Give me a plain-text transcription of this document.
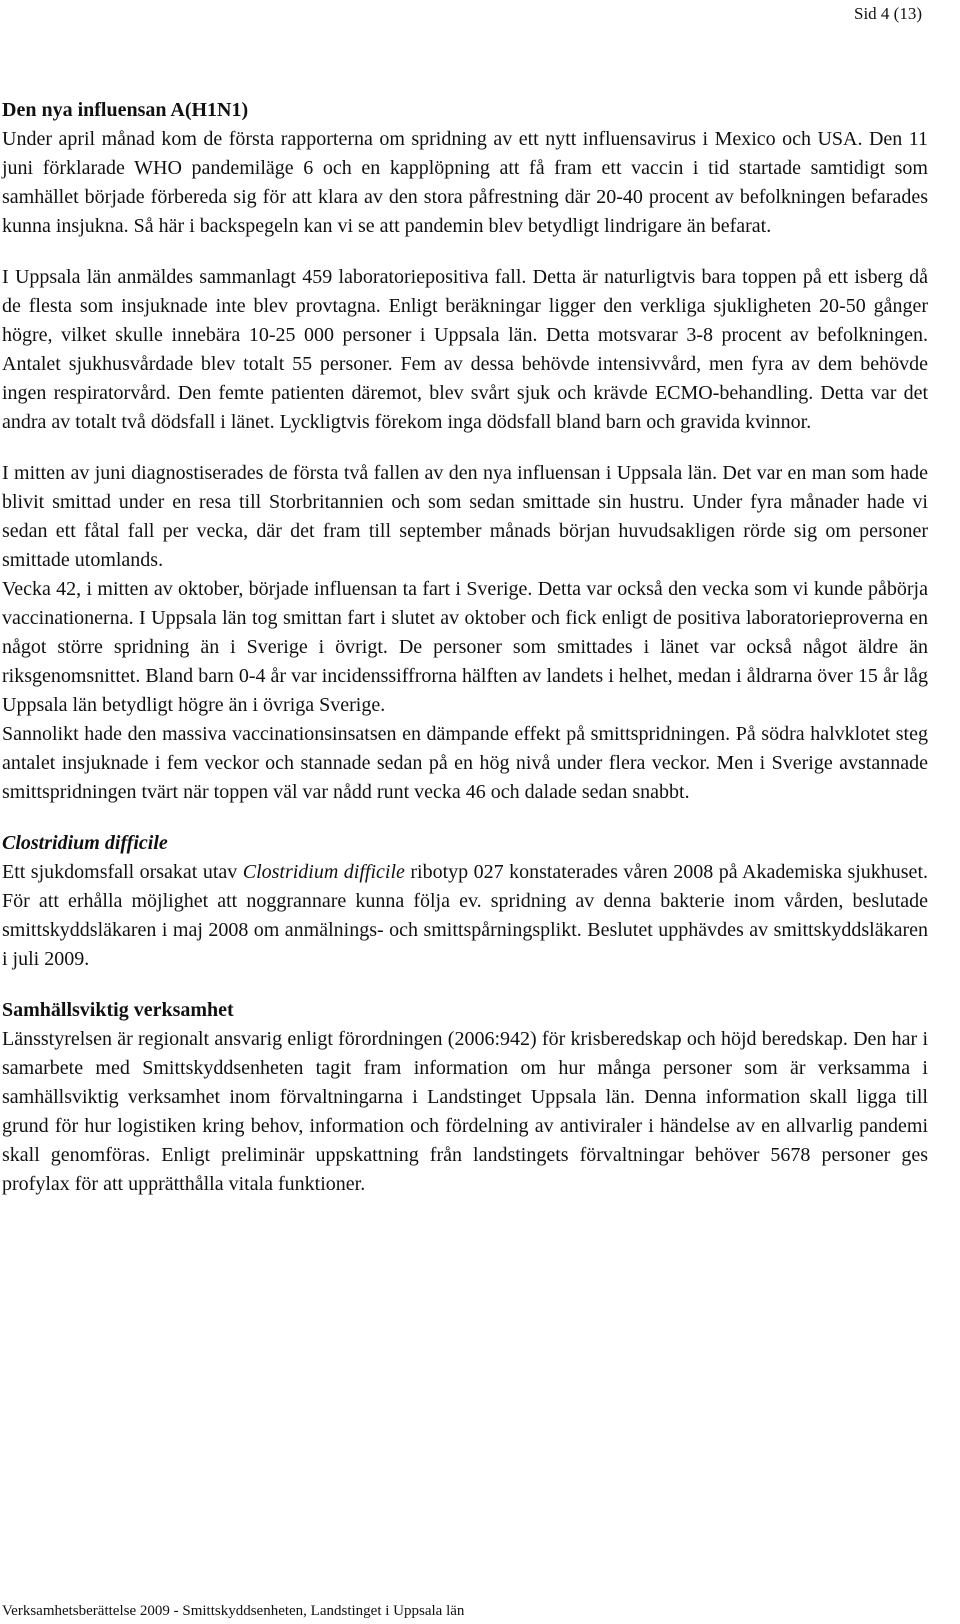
Sid 4 (13)

Den nya influensan A(H1N1)

Under april månad kom de första rapporterna om spridning av ett nytt influensavirus i Mexico och USA. Den 11 juni förklarade WHO pandemiläge 6 och en kapplöpning att få fram ett vaccin i tid startade samtidigt som samhället började förbereda sig för att klara av den stora påfrestning där 20-40 procent av befolkningen befarades kunna insjukna. Så här i backspegeln kan vi se att pandemin blev betydligt lindrigare än befarat.

I Uppsala län anmäldes sammanlagt 459 laboratoriepositiva fall. Detta är naturligtvis bara toppen på ett isberg då de flesta som insjuknade inte blev provtagna. Enligt beräkningar ligger den verkliga sjukligheten 20-50 gånger högre, vilket skulle innebära 10-25 000 personer i Uppsala län. Detta motsvarar 3-8 procent av befolkningen. Antalet sjukhusvårdade blev totalt 55 personer. Fem av dessa behövde intensivvård, men fyra av dem behövde ingen respiratorvård. Den femte patienten däremot, blev svårt sjuk och krävde ECMO-behandling. Detta var det andra av totalt två dödsfall i länet. Lyckligtvis förekom inga dödsfall bland barn och gravida kvinnor.

I mitten av juni diagnostiserades de första två fallen av den nya influensan i Uppsala län. Det var en man som hade blivit smittad under en resa till Storbritannien och som sedan smittade sin hustru. Under fyra månader hade vi sedan ett fåtal fall per vecka, där det fram till september månads början huvudsakligen rörde sig om personer smittade utomlands.

Vecka 42, i mitten av oktober, började influensan ta fart i Sverige. Detta var också den vecka som vi kunde påbörja vaccinationerna. I Uppsala län tog smittan fart i slutet av oktober och fick enligt de positiva laboratorieproverna en något större spridning än i Sverige i övrigt. De personer som smittades i länet var också något äldre än riksgenomsnittet. Bland barn 0-4 år var incidenssiffrorna hälften av landets i helhet, medan i åldrarna över 15 år låg Uppsala län betydligt högre än i övriga Sverige.

Sannolikt hade den massiva vaccinationsinsatsen en dämpande effekt på smittspridningen. På södra halvklotet steg antalet insjuknade i fem veckor och stannade sedan på en hög nivå under flera veckor. Men i Sverige avstannade smittspridningen tvärt när toppen väl var nådd runt vecka 46 och dalade sedan snabbt.

Clostridium difficile

Ett sjukdomsfall orsakat utav Clostridium difficile ribotyp 027 konstaterades våren 2008 på Akademiska sjukhuset. För att erhålla möjlighet att noggrannare kunna följa ev. spridning av denna bakterie inom vården, beslutade smittskyddsläkaren i maj 2008 om anmälnings- och smittspårningsplikt. Beslutet upphävdes av smittskyddsläkaren i juli 2009.

Samhällsviktig verksamhet

Länsstyrelsen är regionalt ansvarig enligt förordningen (2006:942) för krisberedskap och höjd beredskap. Den har i samarbete med Smittskyddsenheten tagit fram information om hur många personer som är verksamma i samhällsviktig verksamhet inom förvaltningarna i Landstinget Uppsala län. Denna information skall ligga till grund för hur logistiken kring behov, information och fördelning av antiviraler i händelse av en allvarlig pandemi skall genomföras. Enligt preliminär uppskattning från landstingets förvaltningar behöver 5678 personer ges profylax för att upprätthålla vitala funktioner.

Verksamhetsberättelse 2009 - Smittskyddsenheten, Landstinget i Uppsala län
